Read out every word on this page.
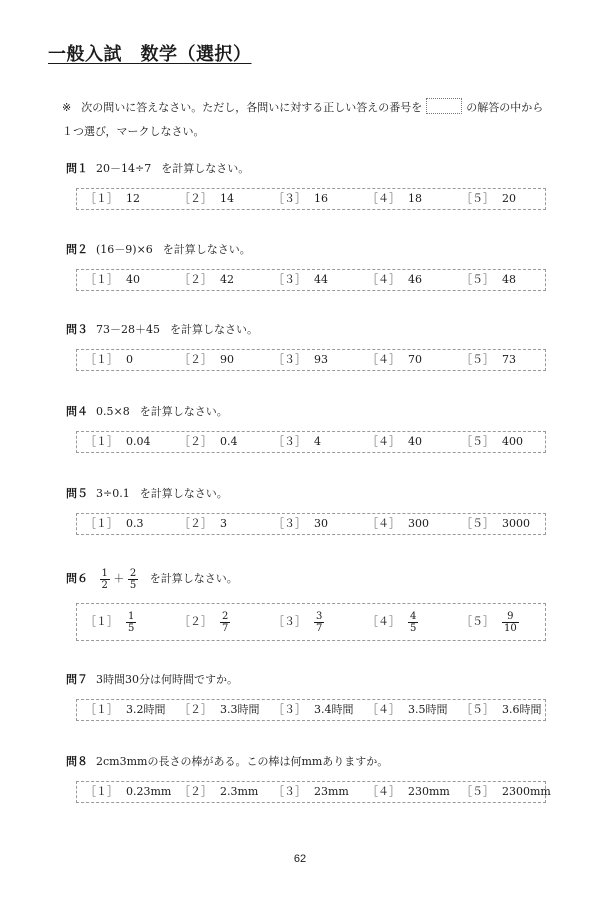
一般入試　数学（選択）
※ 次の問いに答えなさい。ただし，各問いに対する正しい答えの番号を	の解答の中から１つ選び，マークしなさい。
問１ 20－14÷7 を計算しなさい。
［１］ 12	［２］ 14	［３］ 16	［４］ 18	［５］ 20
問２ (16－9)×6 を計算しなさい。
［１］ 40	［２］ 42	［３］ 44	［４］ 46	［５］ 48
問３ 73－28＋45 を計算しなさい。
［１］ 0	［２］ 90	［３］ 93	［４］ 70	［５］ 73
問４ 0.5×8 を計算しなさい。
［１］ 0.04	［２］ 0.4	［３］ 4	［４］ 40	［５］ 400
問５ 3÷0.1 を計算しなさい。
［１］ 0.3	［２］ 3	［３］ 30	［４］ 300	［５］ 3000
問$6 \frac{1}{2} + \frac{2}{5}$ を計算しなさい。
［１］ $\frac{1}{5}$	［２］ $\frac{2}{7}$	［３］ $\frac{3}{7}$	［４］ $\frac{4}{5}$	［５］ $\frac{9}{10}$
問７ 3時間30分は何時間ですか。
［１］ 3.2時間 ［２］ 3.3時間 ［３］ 3.4時間 ［４］ 3.5時間 ［５］ 3.6時間
問８ 2cm3mmの長さの棒がある。この棒は何mmありますか。
［１］ 0.23mm ［２］ 2.3mm ［３］ 23mm ［４］ 230mm ［５］ 2300mm
62
